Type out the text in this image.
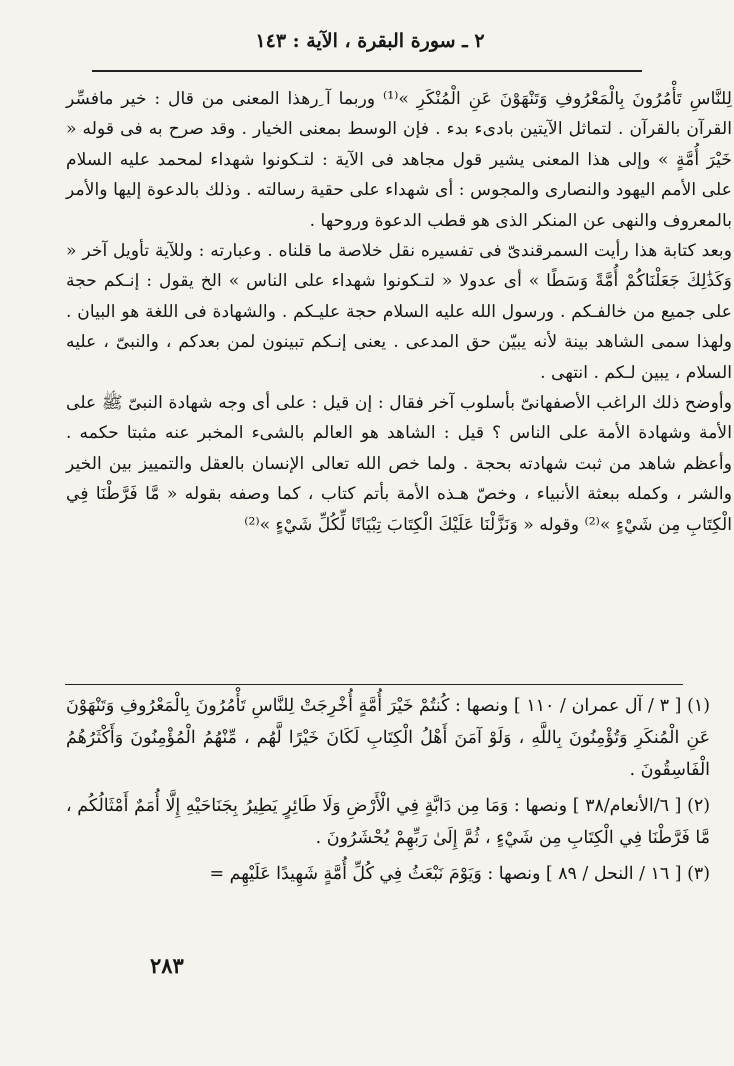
٢ ـ سورة البقرة ، الآية : ١٤٣

لِلنَّاسِ تَأْمُرُونَ بِالْمَعْرُوفِ وَتَنْهَوْنَ عَنِ الْمُنْكَرِ »⁽¹⁾ وربما آ ِرهذا المعنى من قال : خير مافسِّر القرآن بالقرآن . لتماثل الآيتين بادىء بدء . فإن الوسط بمعنى الخيار . وقد صرح به فى قوله « خَيْرَ أُمَّةٍ » وإلى هذا المعنى يشير قول مجاهد فى الآية : لتـكونوا شهداء لمحمد عليه السلام على الأمم اليهود والنصارى والمجوس : أى شهداء على حقية رسالته . وذلك بالدعوة إليها والأمر بالمعروف والنهى عن المنكر الذى هو قطب الدعوة وروحها .

وبعد كتابة هذا رأيت السمرقندىّ فى تفسيره نقل خلاصة ما قلناه . وعبارته : وللآية تأويل آخر « وَكَذَٰلِكَ جَعَلْنَاكُمْ أُمَّةً وَسَطًا » أى عدولا « لتـكونوا شهداء على الناس » الخ يقول : إنـكم حجة على جميع من خالفـكم . ورسول الله عليه السلام حجة عليـكم . والشهادة فى اللغة هو البيان . ولهذا سمى الشاهد بينة لأنه يبيّن حق المدعى . يعنى إنـكم تبينون لمن بعدكم ، والنبىّ ، عليه السلام ، يبين لـكم . انتهى .

وأوضح ذلك الراغب الأصفهانىّ بأسلوب آخر فقال : إن قيل : على أى وجه شهادة النبىّ ﷺ على الأمة وشهادة الأمة على الناس ؟ قيل : الشاهد هو العالم بالشىء المخبر عنه مثبتا حكمه . وأعظم شاهد من ثبت شهادته بحجة . ولما خص الله تعالى الإنسان بالعقل والتمييز بين الخير والشر ، وكمله ببعثة الأنبياء ، وخصّ هـذه الأمة بأتم كتاب ، كما وصفه بقوله « مَّا فَرَّطْنَا فِي الْكِتَابِ مِن شَيْءٍ »⁽²⁾ وقوله « وَنَزَّلْنَا عَلَيْكَ الْكِتَابَ تِبْيَانًا لِّكُلِّ شَيْءٍ »⁽²⁾

(١) [ ٣ / آل عمران / ١١٠ ] ونصها : كُنتُمْ خَيْرَ أُمَّةٍ أُخْرِجَتْ لِلنَّاسِ تَأْمُرُونَ بِالْمَعْرُوفِ وَتَنْهَوْنَ عَنِ الْمُنكَرِ وَتُؤْمِنُونَ بِاللَّهِ ، وَلَوْ آمَنَ أَهْلُ الْكِتَابِ لَكَانَ خَيْرًا لَّهُم ، مِّنْهُمُ الْمُؤْمِنُونَ وَأَكْثَرُهُمُ الْفَاسِقُونَ .

(٢) [ ٦/الأنعام/٣٨ ] ونصها : وَمَا مِن دَابَّةٍ فِي الْأَرْضِ وَلَا طَائِرٍ يَطِيرُ بِجَنَاحَيْهِ إِلَّا أُمَمٌ أَمْثَالُكُم ، مَّا فَرَّطْنَا فِي الْكِتَابِ مِن شَيْءٍ ، ثُمَّ إِلَىٰ رَبِّهِمْ يُحْشَرُونَ .

(٣) [ ١٦ / النحل / ٨٩ ] ونصها : وَيَوْمَ نَبْعَثُ فِي كُلِّ أُمَّةٍ شَهِيدًا عَلَيْهِم =

٢٨٣
